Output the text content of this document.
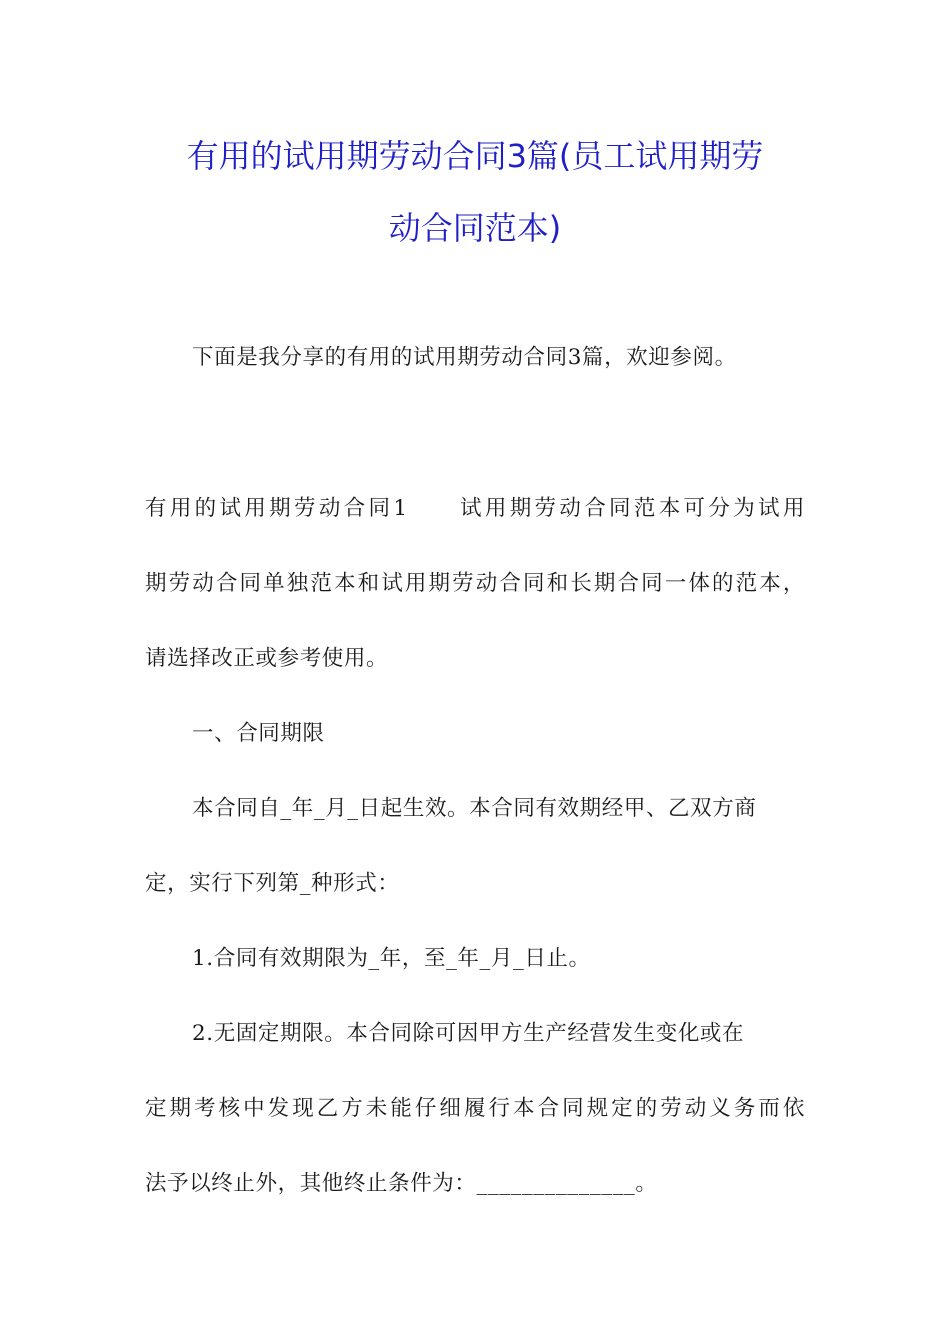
有用的试用期劳动合同3篇(员工试用期劳
动合同范本)
下面是我分享的有用的试用期劳动合同3篇，欢迎参阅。
有用的试用期劳动合同1　　试用期劳动合同范本可分为试用
期劳动合同单独范本和试用期劳动合同和长期合同一体的范本，
请选择改正或参考使用。
一、合同期限
本合同自_年_月_日起生效。本合同有效期经甲、乙双方商
定，实行下列第_种形式：
1.合同有效期限为_年，至_年_月_日止。
2.无固定期限。本合同除可因甲方生产经营发生变化或在
定期考核中发现乙方未能仔细履行本合同规定的劳动义务而依
法予以终止外，其他终止条件为：______________。
